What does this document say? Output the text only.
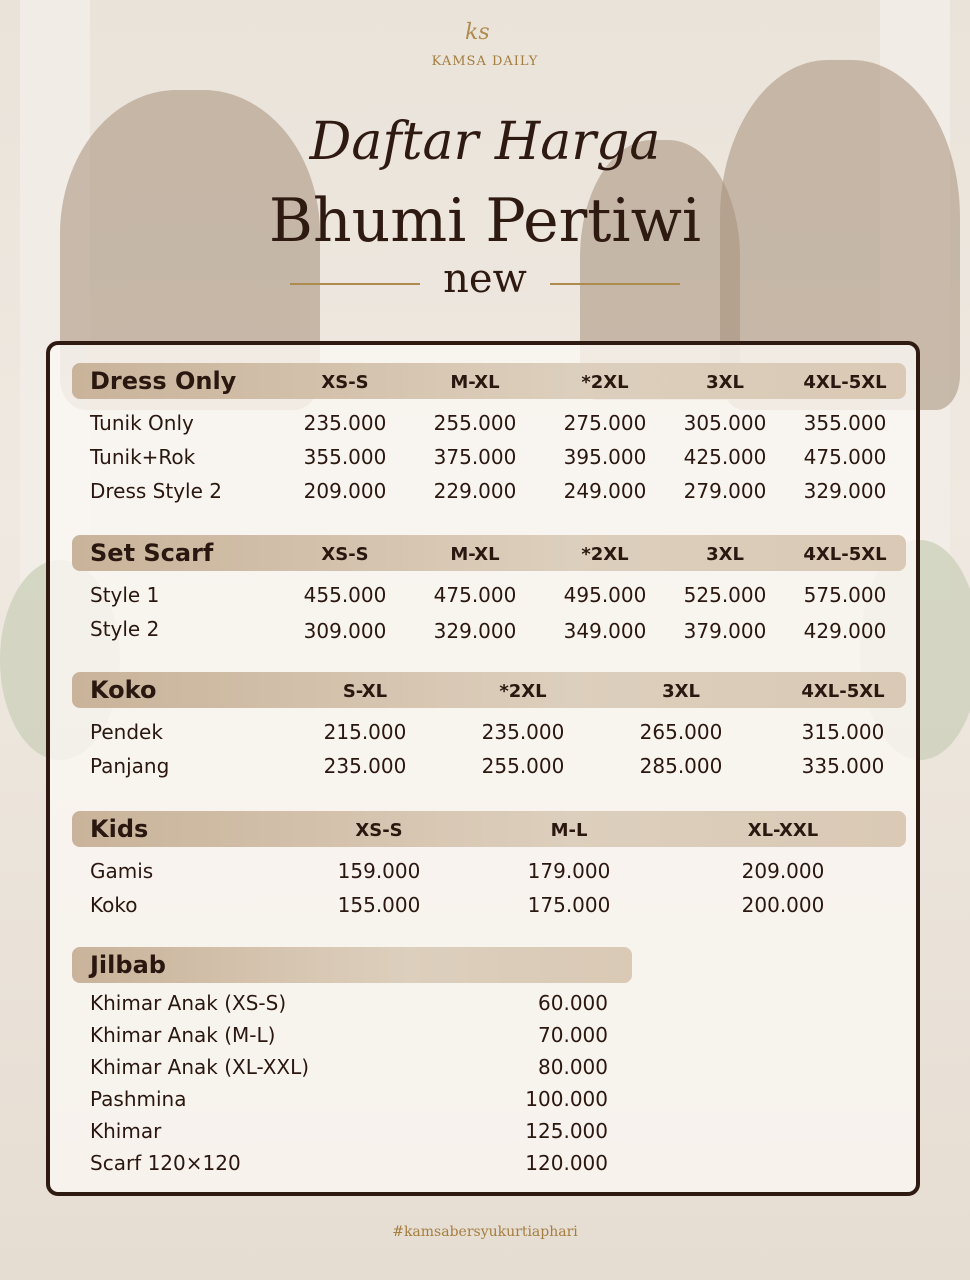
ks
KAMSA DAILY
Daftar Harga
Bhumi Pertiwi
new
Dress Only	XS-S	M-XL	*2XL	3XL	4XL-5XL
Tunik Only	235.000	255.000	275.000	305.000	355.000
Tunik+Rok	355.000	375.000	395.000	425.000	475.000
Dress Style 2	209.000	229.000	249.000	279.000	329.000
Set Scarf	XS-S	M-XL	*2XL	3XL	4XL-5XL
Style 1	455.000	475.000	495.000	525.000	575.000
Style 2	309.000	329.000	349.000	379.000	429.000
Koko	S-XL	*2XL	3XL	4XL-5XL
Pendek	215.000	235.000	265.000	315.000
Panjang	235.000	255.000	285.000	335.000
Kids	XS-S	M-L	XL-XXL
Gamis	159.000	179.000	209.000
Koko	155.000	175.000	200.000
Jilbab
Khimar Anak (XS-S)	60.000
Khimar Anak (M-L)	70.000
Khimar Anak (XL-XXL)	80.000
Pashmina	100.000
Khimar	125.000
Scarf 120×120	120.000
#kamsabersyukurtiaphari
